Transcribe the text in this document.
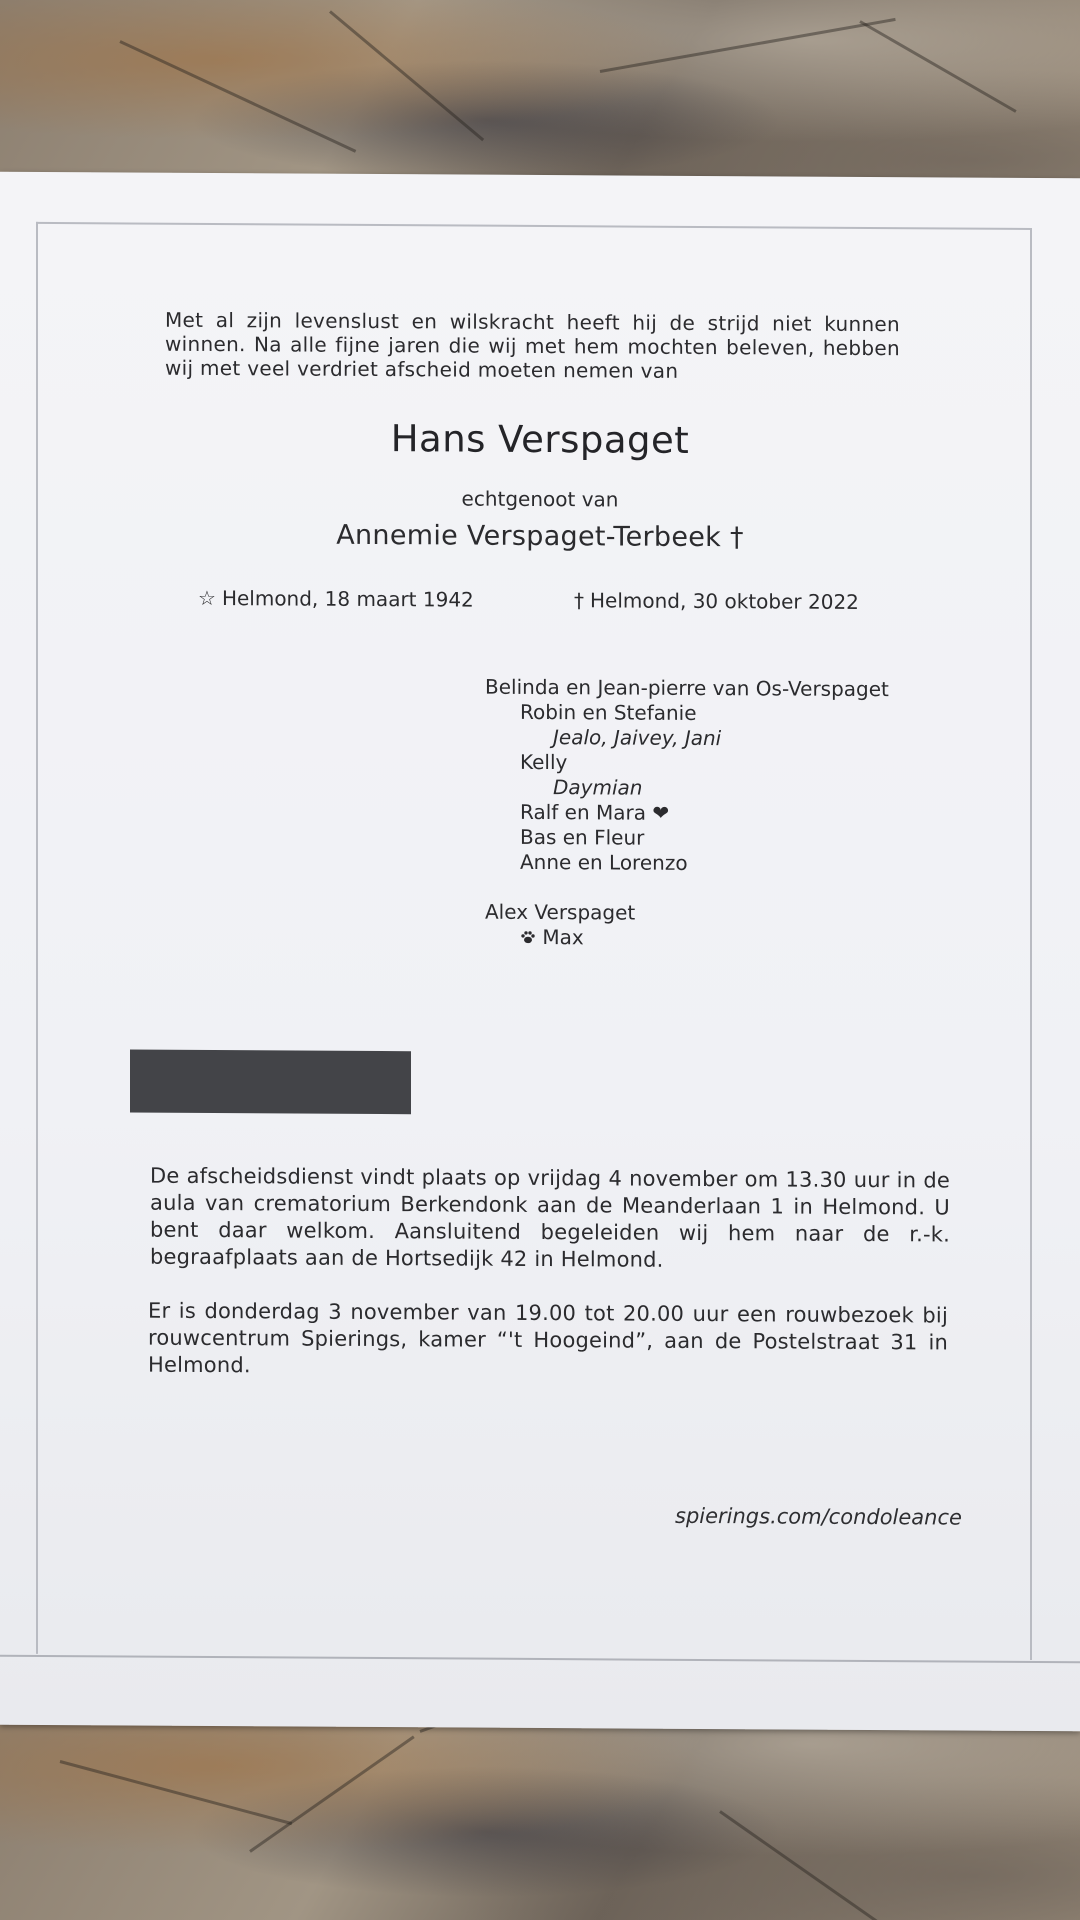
Met al zijn levenslust en wilskracht heeft hij de strijd niet kunnen winnen. Na alle fijne jaren die wij met hem mochten beleven, hebben wij met veel verdriet afscheid moeten nemen van

Hans Verspaget
echtgenoot van
Annemie Verspaget-Terbeek †
☆ Helmond, 18 maart 1942	† Helmond, 30 oktober 2022
Belinda en Jean-pierre van Os-Verspaget
Robin en Stefanie
Jealo, Jaivey, Jani
Kelly
Daymian
Ralf en Mara ❤
Bas en Fleur
Anne en Lorenzo
Alex Verspaget
Max

De afscheidsdienst vindt plaats op vrijdag 4 november om 13.30 uur in de aula van crematorium Berkendonk aan de Meanderlaan 1 in Helmond. U bent daar welkom. Aansluitend begeleiden wij hem naar de r.-k. begraafplaats aan de Hortsedijk 42 in Helmond.

Er is donderdag 3 november van 19.00 tot 20.00 uur een rouwbezoek bij rouwcentrum Spierings, kamer “'t Hoogeind”, aan de Postelstraat 31 in Helmond.

spierings.com/condoleance
